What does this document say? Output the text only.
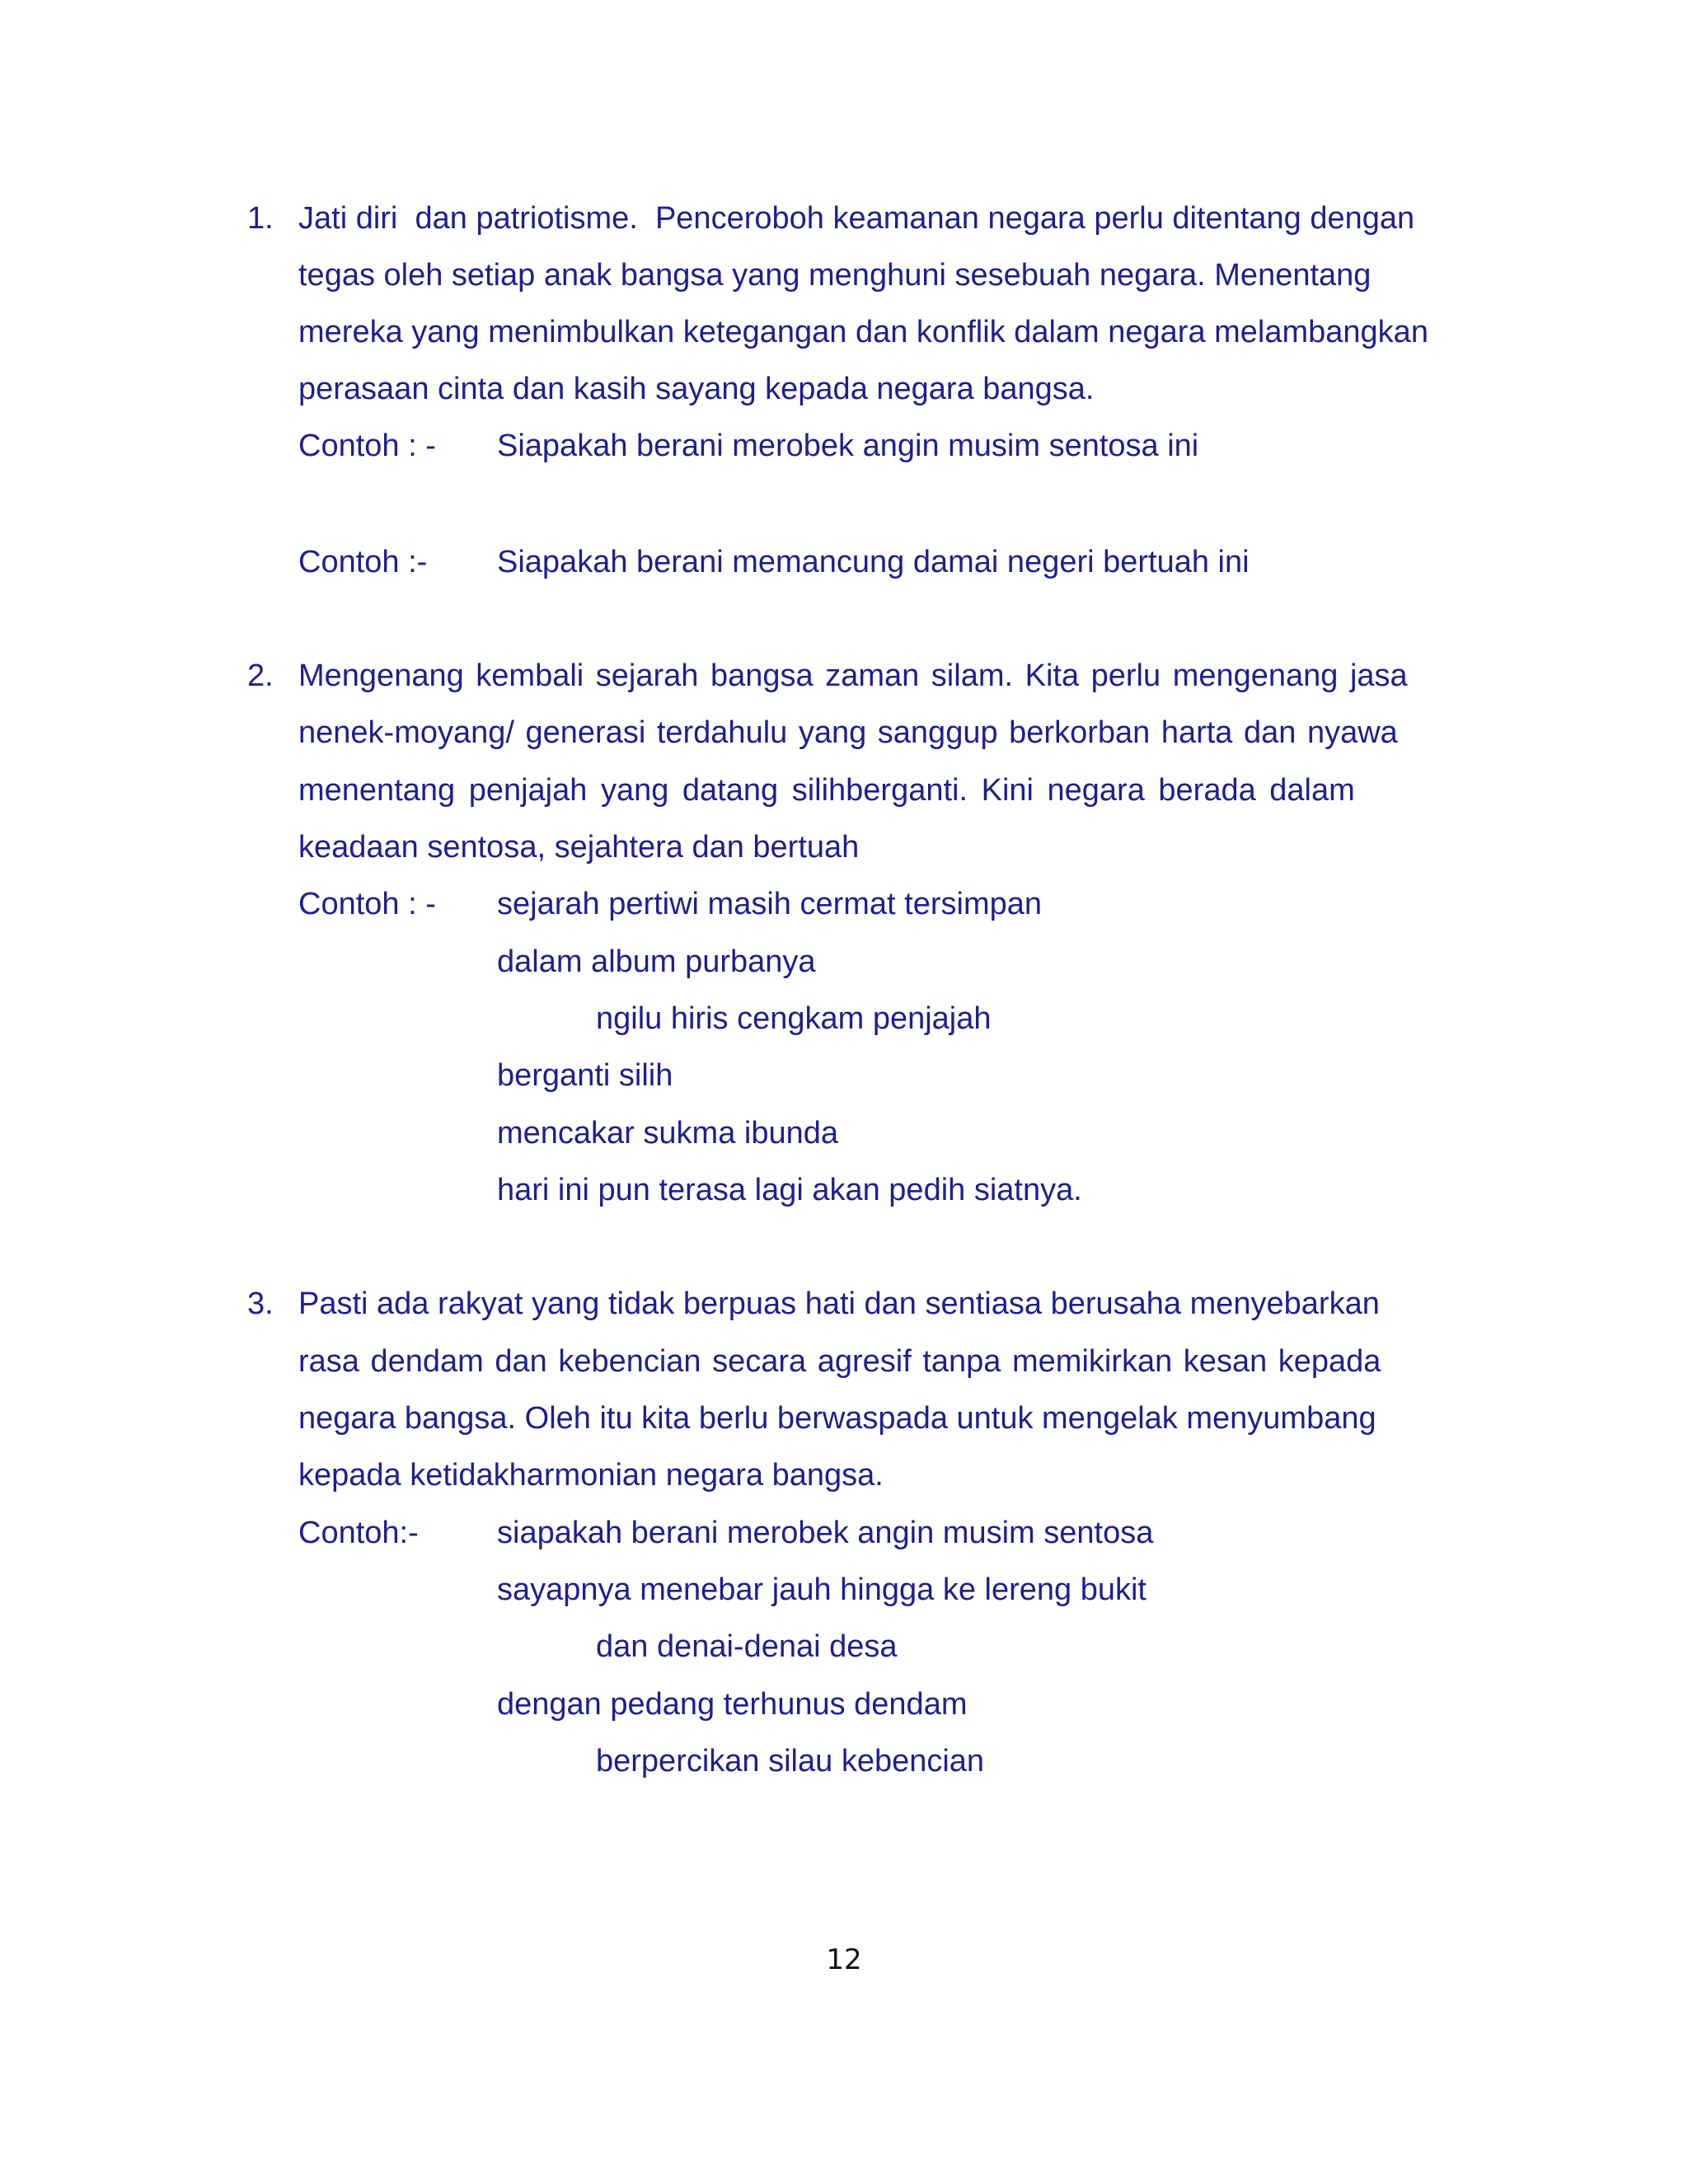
1. Jati diri  dan patriotisme.  Penceroboh keamanan negara perlu ditentang dengan
tegas oleh setiap anak bangsa yang menghuni sesebuah negara. Menentang
mereka yang menimbulkan ketegangan dan konflik dalam negara melambangkan
perasaan cinta dan kasih sayang kepada negara bangsa.
Contoh : - Siapakah berani merobek angin musim sentosa ini
Contoh :- Siapakah berani memancung damai negeri bertuah ini
2. Mengenang kembali sejarah bangsa zaman silam. Kita perlu mengenang jasa
nenek-moyang/ generasi terdahulu yang sanggup berkorban harta dan nyawa
menentang penjajah yang datang silihberganti. Kini negara berada dalam
keadaan sentosa, sejahtera dan bertuah
Contoh : - sejarah pertiwi masih cermat tersimpan
dalam album purbanya
ngilu hiris cengkam penjajah
berganti silih
mencakar sukma ibunda
hari ini pun terasa lagi akan pedih siatnya.
3. Pasti ada rakyat yang tidak berpuas hati dan sentiasa berusaha menyebarkan
rasa dendam dan kebencian secara agresif tanpa memikirkan kesan kepada
negara bangsa. Oleh itu kita berlu berwaspada untuk mengelak menyumbang
kepada ketidakharmonian negara bangsa.
Contoh:-	siapakah berani merobek angin musim sentosa
sayapnya menebar jauh hingga ke lereng bukit
dan denai-denai desa
dengan pedang terhunus dendam
berpercikan silau kebencian
12
